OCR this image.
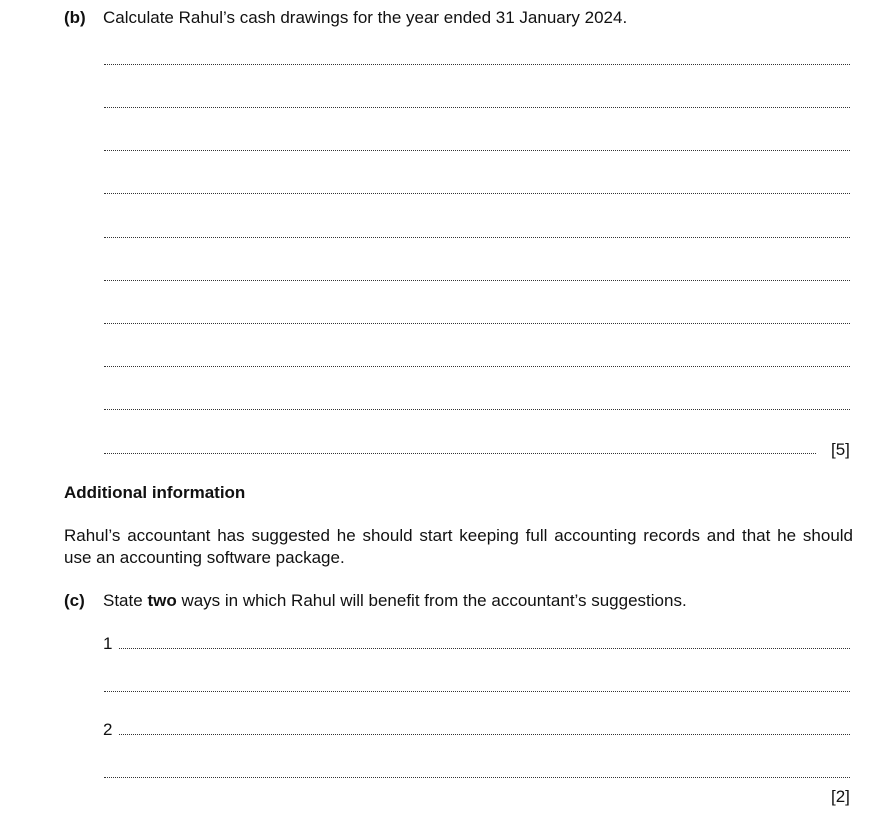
(b) Calculate Rahul’s cash drawings for the year ended 31 January 2024.
[5]
Additional information
Rahul’s accountant has suggested he should start keeping full accounting records and that he should use an accounting software package.
(c) State two ways in which Rahul will benefit from the accountant’s suggestions.
1
2
[2]
